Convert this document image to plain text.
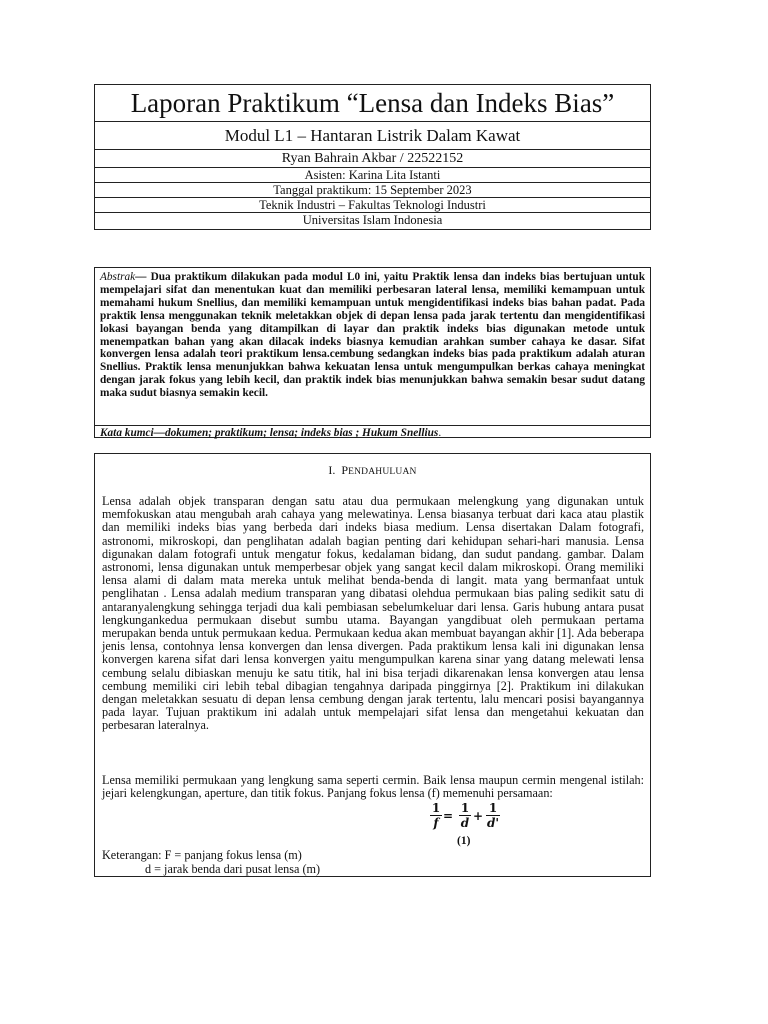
Laporan Praktikum “Lensa dan Indeks Bias”
Modul L1 – Hantaran Listrik Dalam Kawat
Ryan Bahrain Akbar / 22522152
Asisten: Karina Lita Istanti
Tanggal praktikum: 15 September 2023
Teknik Industri – Fakultas Teknologi Industri
Universitas Islam Indonesia
Abstrak— Dua praktikum dilakukan pada modul L0 ini, yaitu Praktik lensa dan indeks bias bertujuan untuk mempelajari sifat dan menentukan kuat dan memiliki perbesaran lateral lensa, memiliki kemampuan untuk memahami hukum Snellius, dan memiliki kemampuan untuk mengidentifikasi indeks bias bahan padat. Pada praktik lensa menggunakan teknik meletakkan objek di depan lensa pada jarak tertentu dan mengidentifikasi lokasi bayangan benda yang ditampilkan di layar dan praktik indeks bias digunakan metode untuk menempatkan bahan yang akan dilacak indeks biasnya kemudian arahkan sumber cahaya ke dasar. Sifat konvergen lensa adalah teori praktikum lensa.cembung sedangkan indeks bias pada praktikum adalah aturan Snellius. Praktik lensa menunjukkan bahwa kekuatan lensa untuk mengumpulkan berkas cahaya meningkat dengan jarak fokus yang lebih kecil, dan praktik indek bias menunjukkan bahwa semakin besar sudut datang maka sudut biasnya semakin kecil.
Kata kumci—dokumen; praktikum; lensa; indeks bias ; Hukum Snellius.
I. PENDAHULUAN
Lensa adalah objek transparan dengan satu atau dua permukaan melengkung yang digunakan untuk memfokuskan atau mengubah arah cahaya yang melewatinya. Lensa biasanya terbuat dari kaca atau plastik dan memiliki indeks bias yang berbeda dari indeks biasa medium. Lensa disertakan Dalam fotografi, astronomi, mikroskopi, dan penglihatan adalah bagian penting dari kehidupan sehari-hari manusia. Lensa digunakan dalam fotografi untuk mengatur fokus, kedalaman bidang, dan sudut pandang. gambar. Dalam astronomi, lensa digunakan untuk memperbesar objek yang sangat kecil dalam mikroskopi. Orang memiliki lensa alami di dalam mata mereka untuk melihat benda-benda di langit. mata yang bermanfaat untuk penglihatan . Lensa adalah medium transparan yang dibatasi olehdua permukaan bias paling sedikit satu di antaranyalengkung sehingga terjadi dua kali pembiasan sebelumkeluar dari lensa. Garis hubung antara pusat lengkungankedua permukaan disebut sumbu utama. Bayangan yangdibuat oleh permukaan pertama merupakan benda untuk permukaan kedua. Permukaan kedua akan membuat bayangan akhir [1]. Ada beberapa jenis lensa, contohnya lensa konvergen dan lensa divergen. Pada praktikum lensa kali ini digunakan lensa konvergen karena sifat dari lensa konvergen yaitu mengumpulkan karena sinar yang datang melewati lensa cembung selalu dibiaskan menuju ke satu titik, hal ini bisa terjadi dikarenakan lensa konvergen atau lensa cembung memiliki ciri lebih tebal dibagian tengahnya daripada pinggirnya [2]. Praktikum ini dilakukan dengan meletakkan sesuatu di depan lensa cembung dengan jarak tertentu, lalu mencari posisi bayangannya pada layar. Tujuan praktikum ini adalah untuk mempelajari sifat lensa dan mengetahui kekuatan dan perbesaran lateralnya.
Lensa memiliki permukaan yang lengkung sama seperti cermin. Baik lensa maupun cermin mengenal istilah: jejari kelengkungan, aperture, dan titik fokus. Panjang fokus lensa (f) memenuhi persamaan:
$\frac{1}{f} = \frac{1}{d} + \frac{1}{d'}$
(1)
Keterangan: F = panjang fokus lensa (m)
d = jarak benda dari pusat lensa (m)
